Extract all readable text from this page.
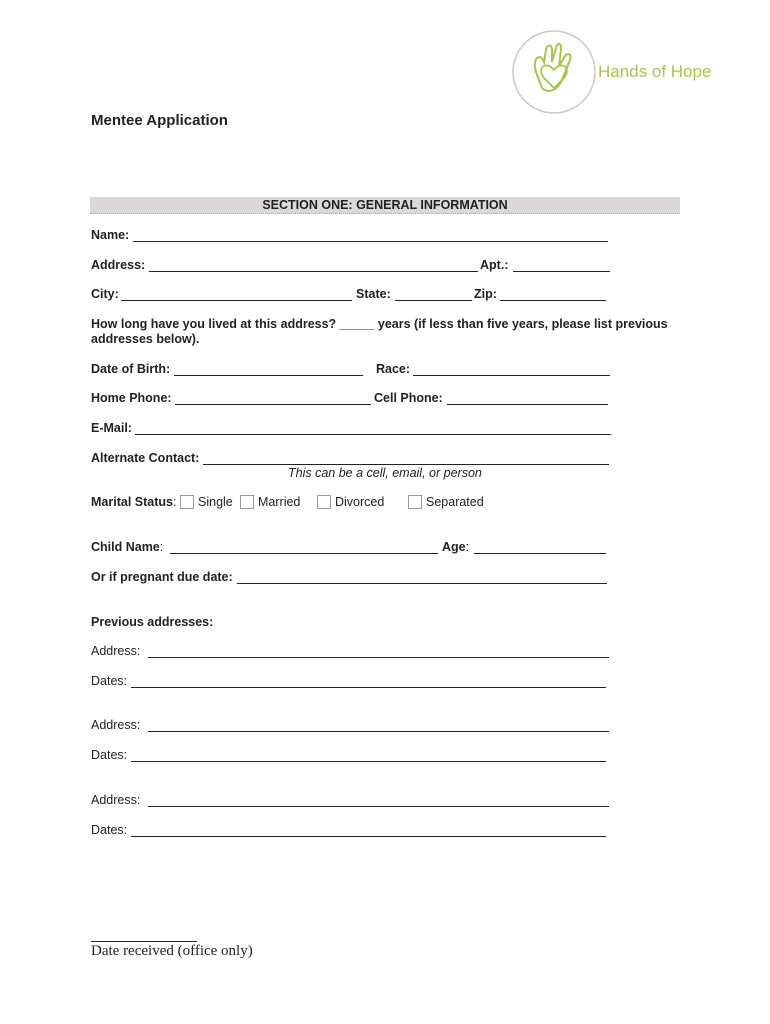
Hands of Hope
Mentee Application
SECTION ONE: GENERAL INFORMATION
Name:
Address:	Apt.:
City:	State:	Zip:
How long have you lived at this address? _____ years (if less than five years, please list previous
addresses below).
Date of Birth:	Race:
Home Phone:	Cell Phone:
E-Mail:
Alternate Contact:
This can be a cell, email, or person
Marital Status: Single Married	Divorced	Separated
Child Name:	Age:
Or if pregnant due date:
Previous addresses:
Address:
Dates:
Address:
Dates:
Address:
Dates:
Date received (office only)
